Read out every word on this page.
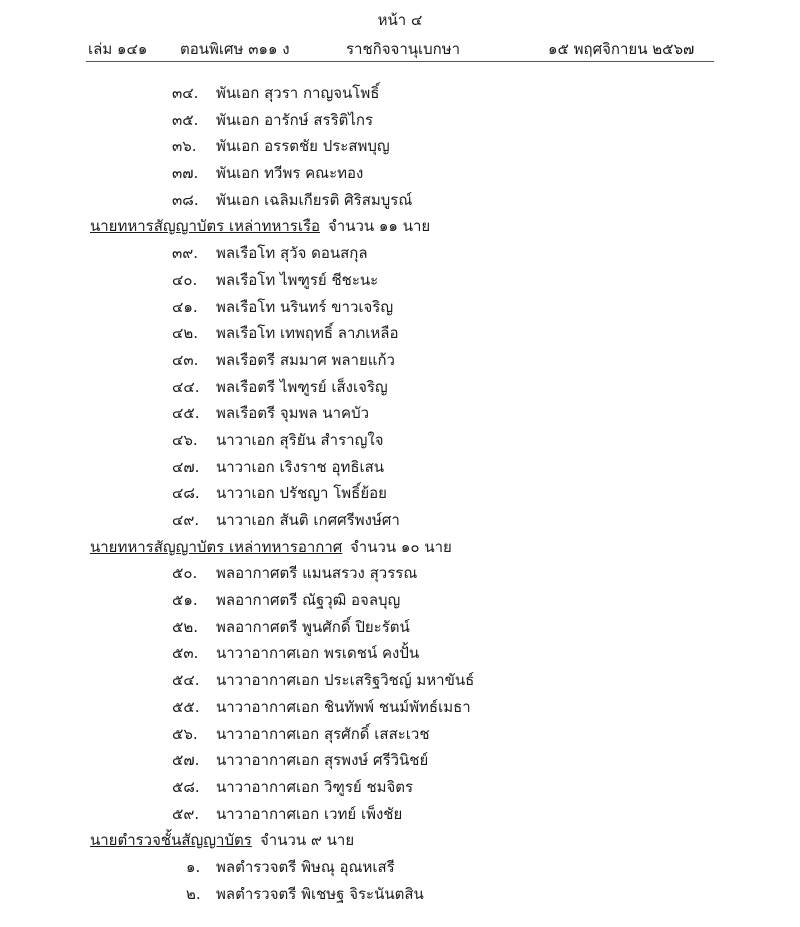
หน้า ๔
เล่ม ๑๔๑ ตอนพิเศษ ๓๑๑ ง	ราชกิจจานุเบกษา	๑๕ พฤศจิกายน ๒๕๖๗
๓๔.	พันเอก สุวรา กาญจนโพธิ์
๓๕.	พันเอก อารักษ์ สรริติไกร
๓๖.	พันเอก อรรตชัย ประสพบุญ
๓๗.	พันเอก ทวีพร คณะทอง
๓๘.	พันเอก เฉลิมเกียรติ ศิริสมบูรณ์
นายทหารสัญญาบัตร เหล่าทหารเรือ จำนวน ๑๑ นาย
๓๙.	พลเรือโท สุวัจ ดอนสกุล
๔๐.	พลเรือโท ไพฑูรย์ ชีชะนะ
๔๑.	พลเรือโท นรินทร์ ขาวเจริญ
๔๒.	พลเรือโท เทพฤทธิ์ ลาภเหลือ
๔๓.	พลเรือตรี สมมาศ พลายแก้ว
๔๔.	พลเรือตรี ไพฑูรย์ เส็งเจริญ
๔๕.	พลเรือตรี จุมพล นาคบัว
๔๖.	นาวาเอก สุริยัน สำราญใจ
๔๗.	นาวาเอก เริงราช อุทธิเสน
๔๘.	นาวาเอก ปรัชญา โพธิ์ย้อย
๔๙.	นาวาเอก สันติ เกศศรีพงษ์ศา
นายทหารสัญญาบัตร เหล่าทหารอากาศ จำนวน ๑๐ นาย
๕๐.	พลอากาศตรี แมนสรวง สุวรรณ
๕๑.	พลอากาศตรี ณัฐวุฒิ อจลบุญ
๕๒.	พลอากาศตรี พูนศักดิ์ ปิยะรัตน์
๕๓.	นาวาอากาศเอก พรเดชน์ คงปั้น
๕๔.	นาวาอากาศเอก ประเสริฐวิชญ์ มหาขันธ์
๕๕.	นาวาอากาศเอก ชินทัพพ์ ชนม์พัทธ์เมธา
๕๖.	นาวาอากาศเอก สุรศักดิ์ เสสะเวช
๕๗.	นาวาอากาศเอก สุรพงษ์ ศรีวินิชย์
๕๘.	นาวาอากาศเอก วิฑูรย์ ชมจิตร
๕๙.	นาวาอากาศเอก เวทย์ เพ็งชัย
นายตำรวจชั้นสัญญาบัตร จำนวน ๙ นาย
๑.	พลตำรวจตรี พิษณุ อุณหเสรี
๒.	พลตำรวจตรี พิเชษฐ จิระนันตสิน
